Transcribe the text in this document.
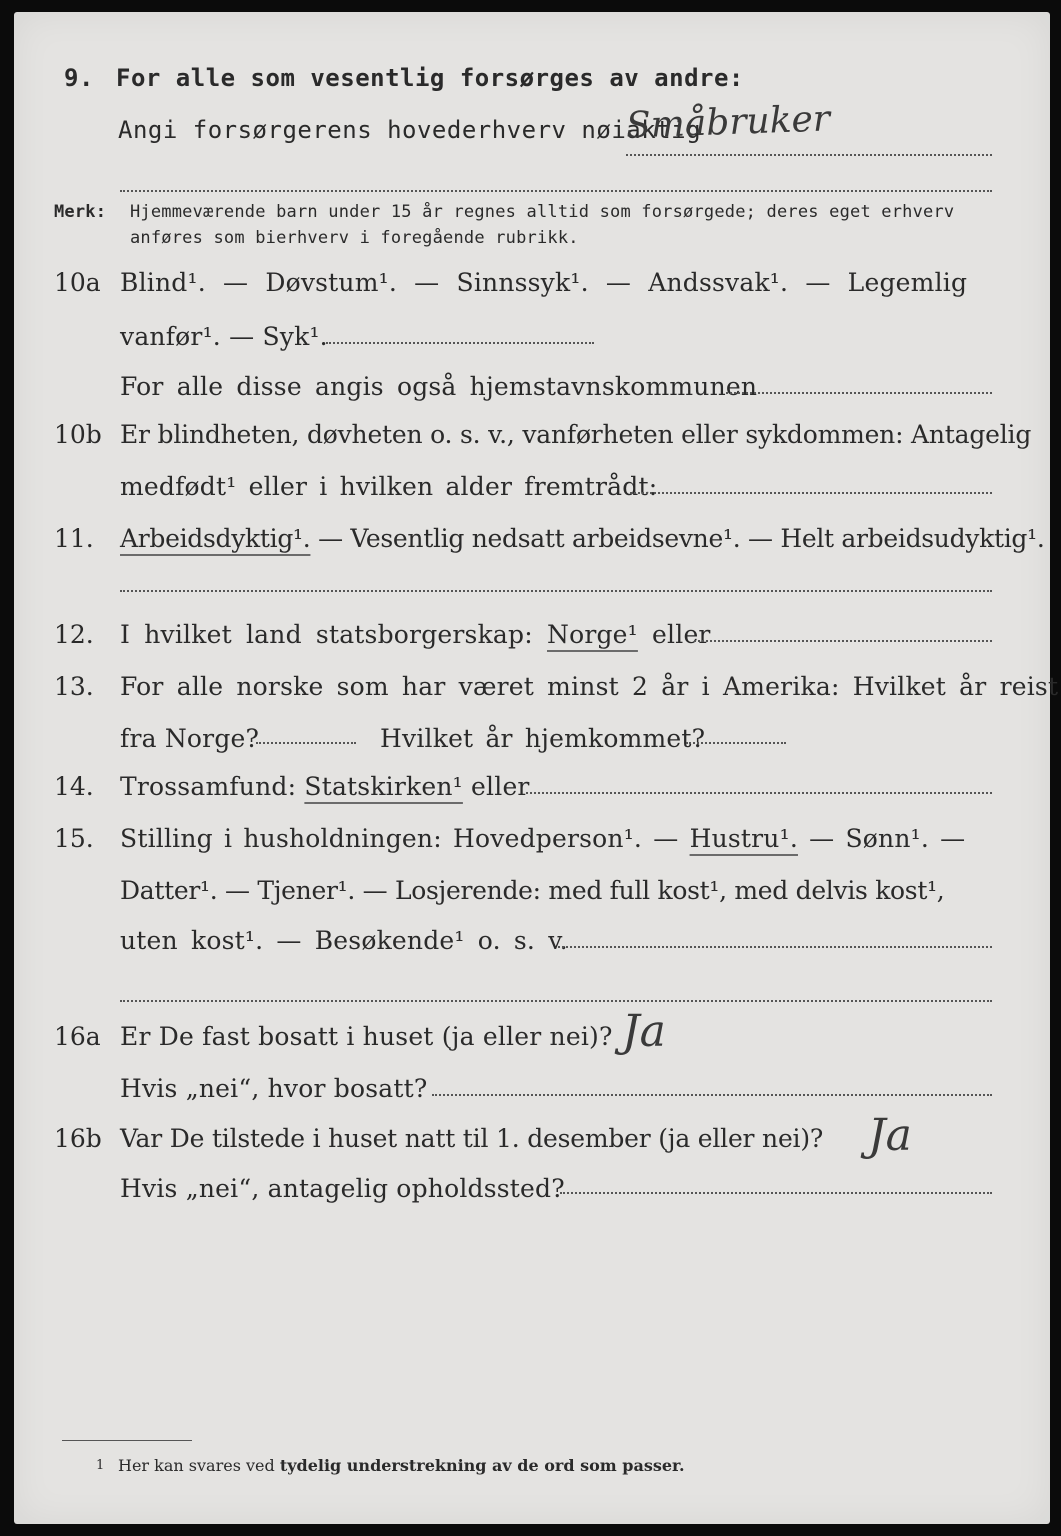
9. For alle som vesentlig forsørges av andre:
Angi forsørgerens hovederhverv nøiaktig
Småbruker
Merk: Hjemmeværende barn under 15 år regnes alltid som forsørgede; deres eget erhverv
anføres som bierhverv i foregående rubrikk.
10a Blind¹. — Døvstum¹. — Sinnssyk¹. — Andssvak¹. — Legemlig
vanfør¹. — Syk¹.
For alle disse angis også hjemstavnskommunen
10b Er blindheten, døvheten o. s. v., vanførheten eller sykdommen: Antagelig
medfødt¹ eller i hvilken alder fremtrådt:
11. Arbeidsdyktig¹. — Vesentlig nedsatt arbeidsevne¹. — Helt arbeidsudyktig¹.
12. I hvilket land statsborgerskap: Norge¹ eller
13. For alle norske som har været minst 2 år i Amerika: Hvilket år reist
fra Norge?	Hvilket år hjemkommet?
14. Trossamfund: Statskirken¹ eller
15. Stilling i husholdningen: Hovedperson¹. — Hustru¹. — Sønn¹. —
Datter¹. — Tjener¹. — Losjerende: med full kost¹, med delvis kost¹,
uten kost¹. — Besøkende¹ o. s. v.
16a Er De fast bosatt i huset (ja eller nei)? Ja
Hvis „nei“, hvor bosatt?
16b Var De tilstede i huset natt til 1. desember (ja eller nei)? Ja
Hvis „nei“, antagelig opholdssted?
1 Her kan svares ved tydelig understrekning av de ord som passer.
